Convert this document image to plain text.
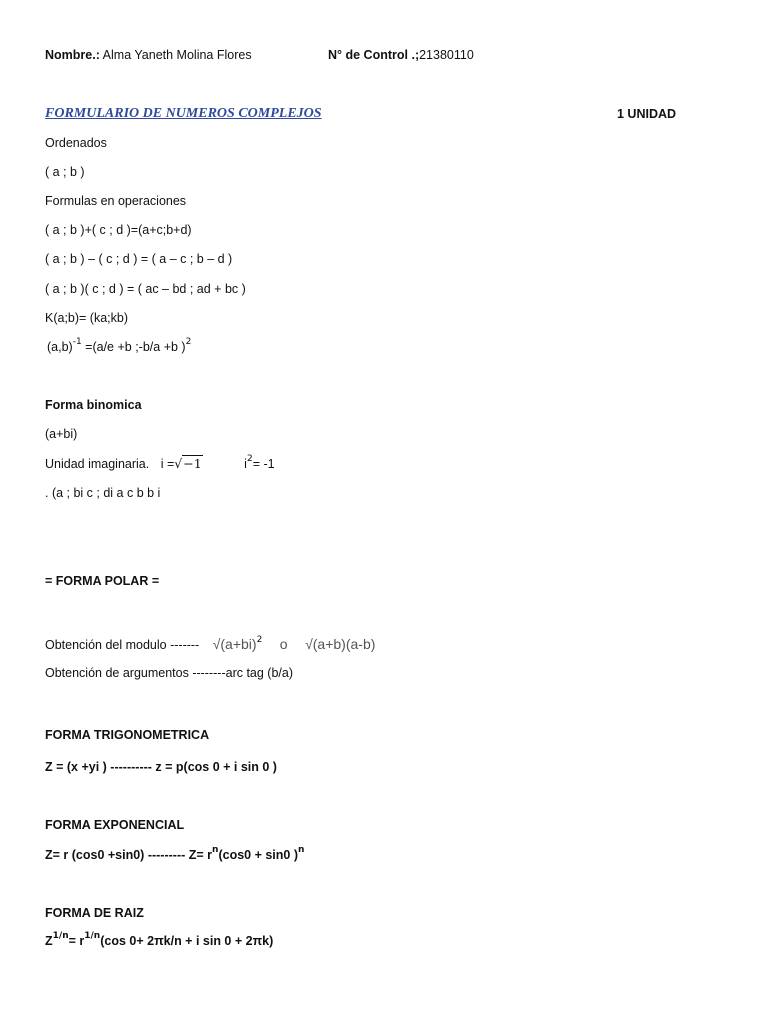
Nombre.: Alma Yaneth Molina Flores	N° de Control .;21380110
FORMULARIO DE NUMEROS COMPLEJOS	1 UNIDAD
Ordenados
( a ; b )
Formulas en operaciones
( a ; b )+( c ; d )=(a+c;b+d)
( a ; b ) – ( c ; d ) = ( a – c ; b – d )
( a ; b )( c ; d ) = ( ac – bd ; ad + bc )
K(a;b)= (ka;kb)
$(a,b)^{-1} =(a/e +b$ ;-b/a +b )$^2$
Forma binomica
(a+bi)
Unidad imaginaria. i =√−1	$i^2= -1$
. (a ; bi c ; di a c b b i
= FORMA POLAR =
Obtención del modulo ------- $√(a+bi)^2$ o √(a+b)(a-b)
Obtención de argumentos --------arc tag (b/a)
FORMA TRIGONOMETRICA
Z = (x +yi ) ---------- z = p(cos 0 + i sin 0 )
FORMA EXPONENCIAL
Z= r (cos0 +sin0) --------- $Z= r^n(\cos 0 + \sin 0$ )$^n$
FORMA DE RAIZ
$Z^{1/n}= r^{1/n}(\cos$ 0+ 2πk/n + i sin 0 + 2πk)
